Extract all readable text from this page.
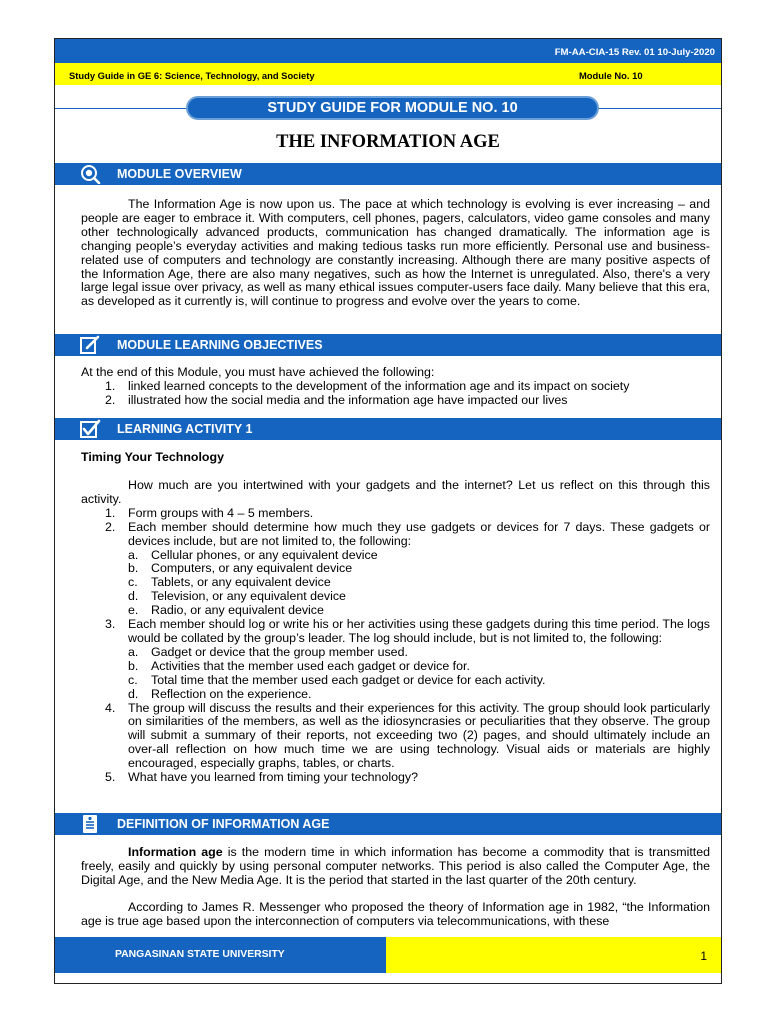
FM-AA-CIA-15 Rev. 01 10-July-2020
Study Guide in GE 6: Science, Technology, and Society	Module No. 10
STUDY GUIDE FOR MODULE NO. 10
THE INFORMATION AGE
MODULE OVERVIEW
The Information Age is now upon us. The pace at which technology is evolving is ever increasing – and people are eager to embrace it. With computers, cell phones, pagers, calculators, video game consoles and many other technologically advanced products, communication has changed dramatically. The information age is changing people’s everyday activities and making tedious tasks run more efficiently. Personal use and business-related use of computers and technology are constantly increasing. Although there are many positive aspects of the Information Age, there are also many negatives, such as how the Internet is unregulated. Also, there's a very large legal issue over privacy, as well as many ethical issues computer-users face daily. Many believe that this era, as developed as it currently is, will continue to progress and evolve over the years to come.
MODULE LEARNING OBJECTIVES
At the end of this Module, you must have achieved the following:
1. linked learned concepts to the development of the information age and its impact on society
2. illustrated how the social media and the information age have impacted our lives
LEARNING ACTIVITY 1
Timing Your Technology
How much are you intertwined with your gadgets and the internet? Let us reflect on this through this activity.
1. Form groups with 4 – 5 members.
2. Each member should determine how much they use gadgets or devices for 7 days. These gadgets or devices include, but are not limited to, the following:
a. Cellular phones, or any equivalent device
b. Computers, or any equivalent device
c. Tablets, or any equivalent device
d. Television, or any equivalent device
e. Radio, or any equivalent device
3. Each member should log or write his or her activities using these gadgets during this time period. The logs would be collated by the group’s leader. The log should include, but is not limited to, the following:
a. Gadget or device that the group member used.
b. Activities that the member used each gadget or device for.
c. Total time that the member used each gadget or device for each activity.
d. Reflection on the experience.
4. The group will discuss the results and their experiences for this activity. The group should look particularly on similarities of the members, as well as the idiosyncrasies or peculiarities that they observe. The group will submit a summary of their reports, not exceeding two (2) pages, and should ultimately include an over-all reflection on how much time we are using technology. Visual aids or materials are highly encouraged, especially graphs, tables, or charts.
5. What have you learned from timing your technology?
DEFINITION OF INFORMATION AGE
Information age is the modern time in which information has become a commodity that is transmitted freely, easily and quickly by using personal computer networks. This period is also called the Computer Age, the Digital Age, and the New Media Age. It is the period that started in the last quarter of the 20th century.
According to James R. Messenger who proposed the theory of Information age in 1982, “the Information age is true age based upon the interconnection of computers via telecommunications, with these
PANGASINAN STATE UNIVERSITY	1
